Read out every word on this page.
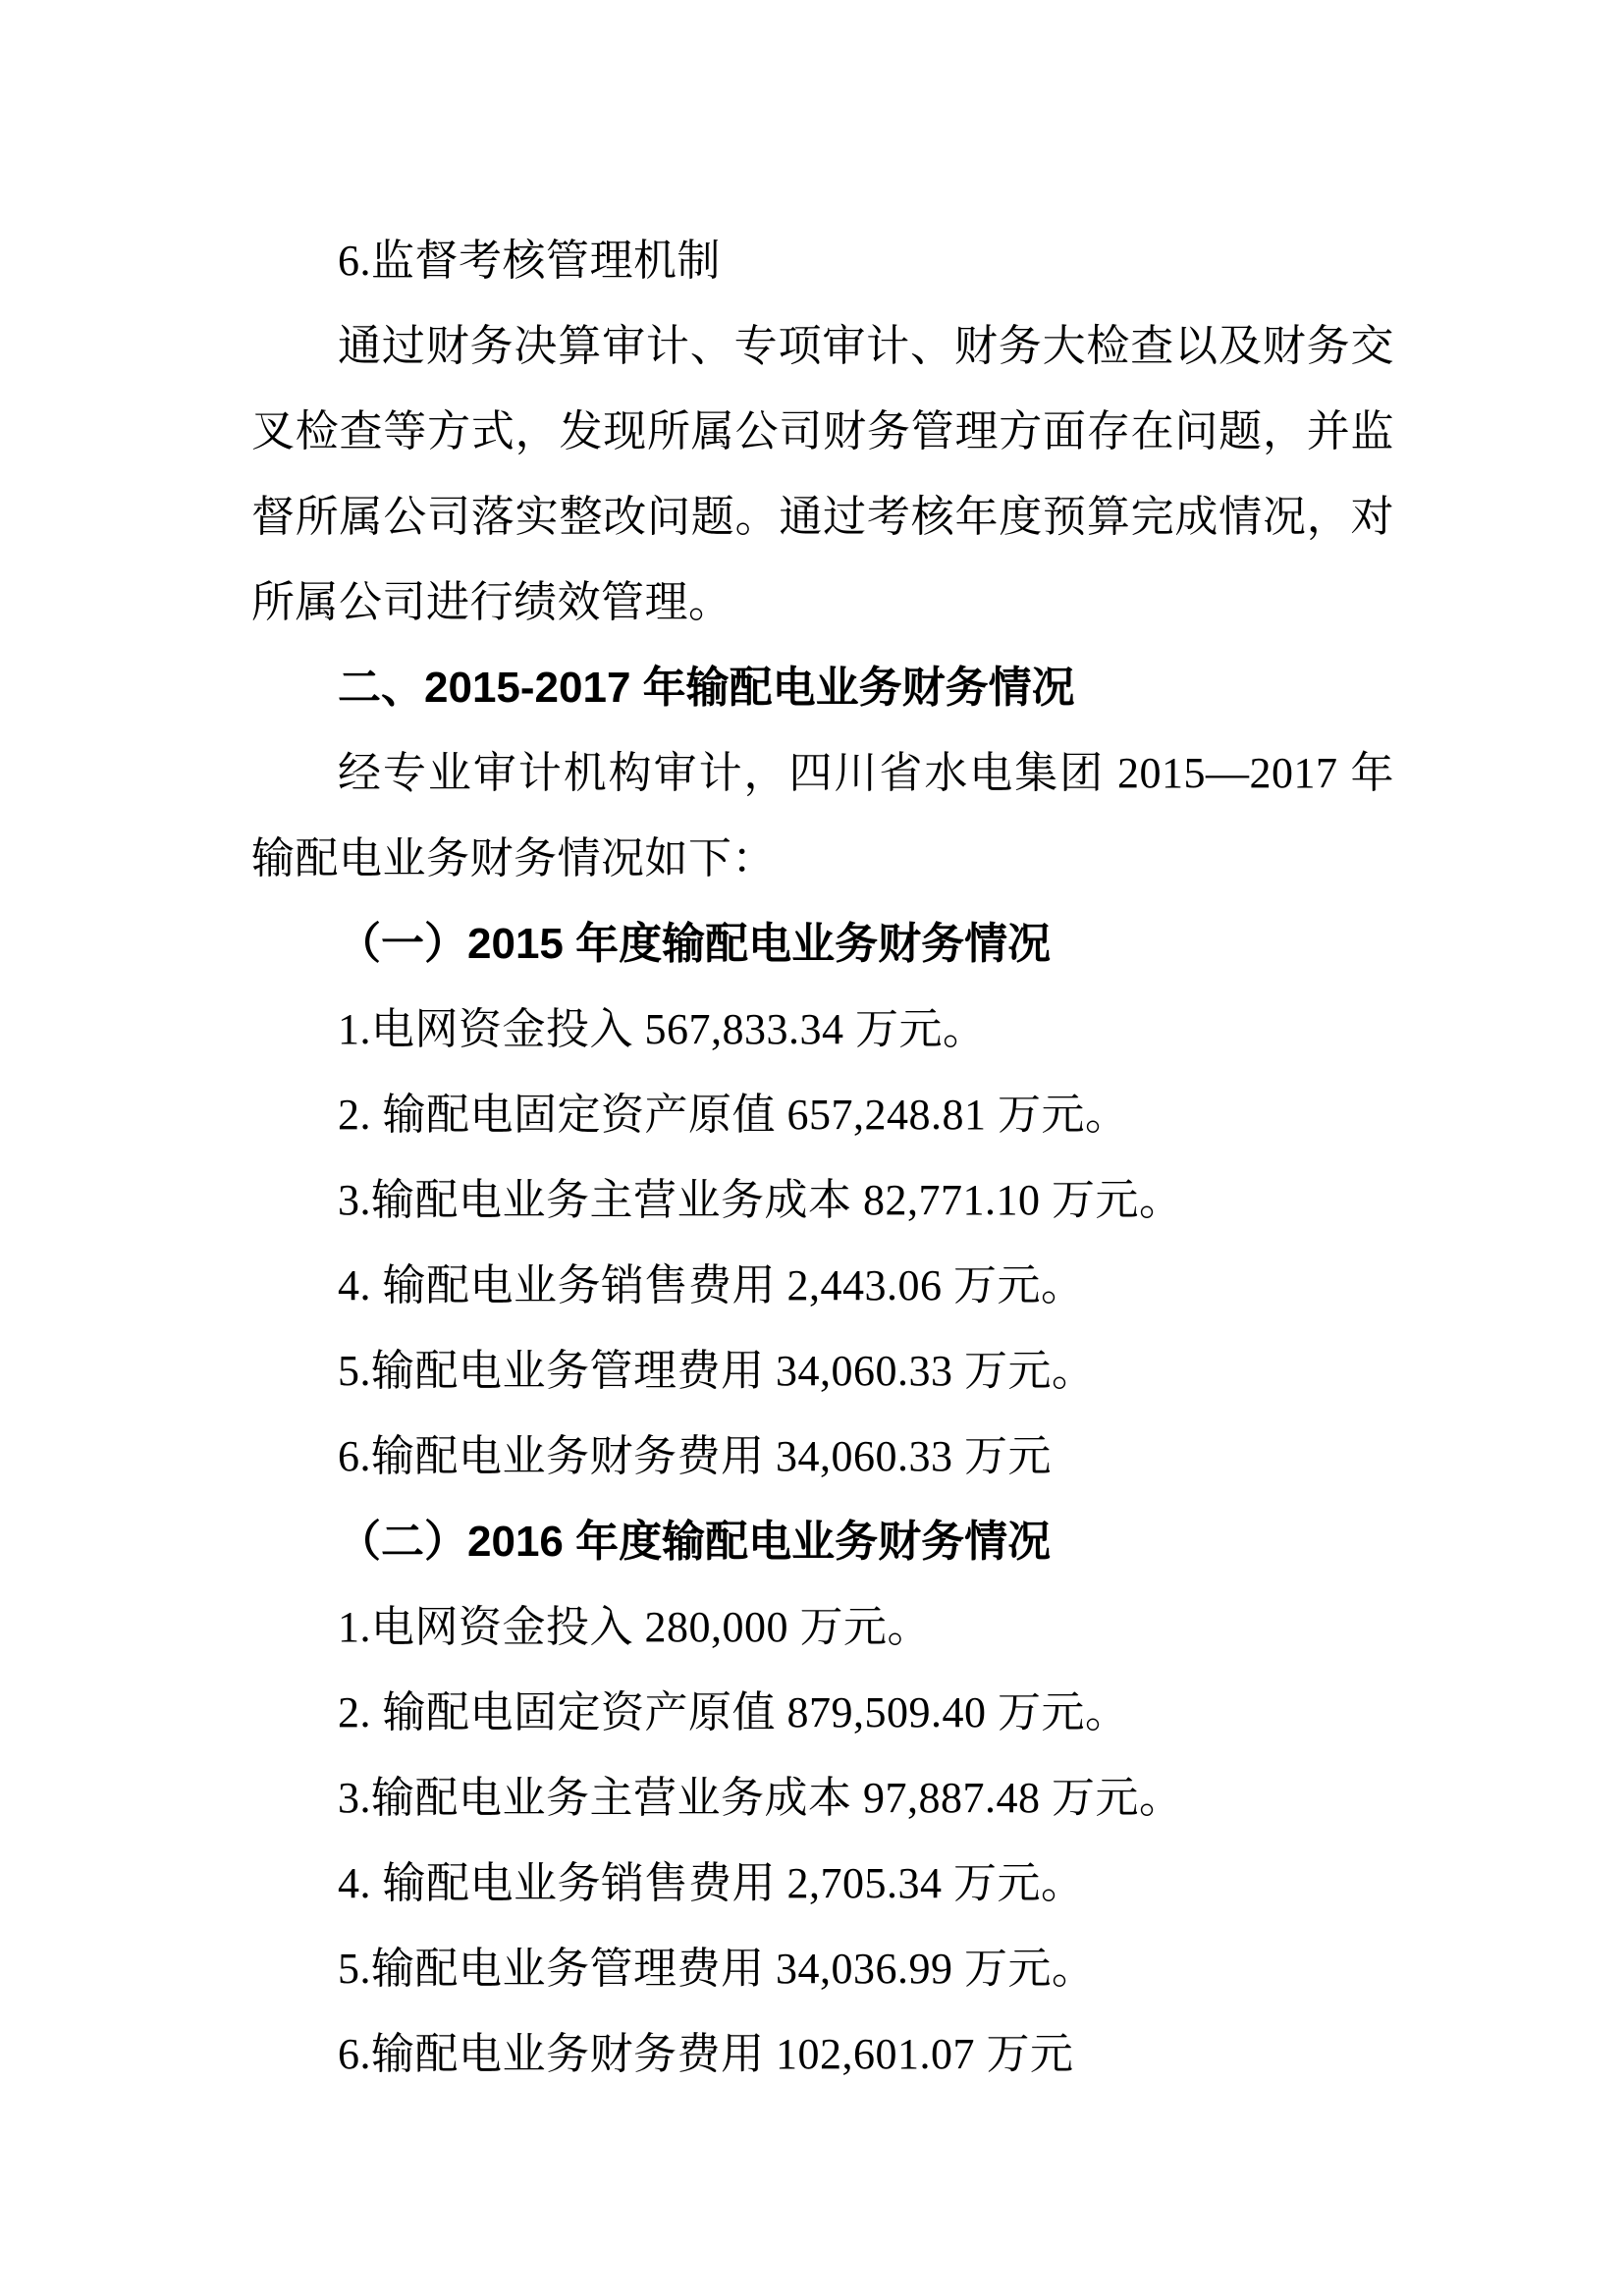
6.监督考核管理机制
通过财务决算审计、专项审计、财务大检查以及财务交
叉检查等方式，发现所属公司财务管理方面存在问题，并监
督所属公司落实整改问题。通过考核年度预算完成情况，对
所属公司进行绩效管理。
二、2015-2017 年输配电业务财务情况
经专业审计机构审计，四川省水电集团 2015—2017 年
输配电业务财务情况如下：
（一）2015 年度输配电业务财务情况
1.电网资金投入 567,833.34 万元。
2. 输配电固定资产原值 657,248.81 万元。
3.输配电业务主营业务成本 82,771.10 万元。
4. 输配电业务销售费用 2,443.06 万元。
5.输配电业务管理费用 34,060.33 万元。
6.输配电业务财务费用 34,060.33 万元
（二）2016 年度输配电业务财务情况
1.电网资金投入 280,000 万元。
2. 输配电固定资产原值 879,509.40 万元。
3.输配电业务主营业务成本 97,887.48 万元。
4. 输配电业务销售费用 2,705.34 万元。
5.输配电业务管理费用 34,036.99 万元。
6.输配电业务财务费用 102,601.07 万元
